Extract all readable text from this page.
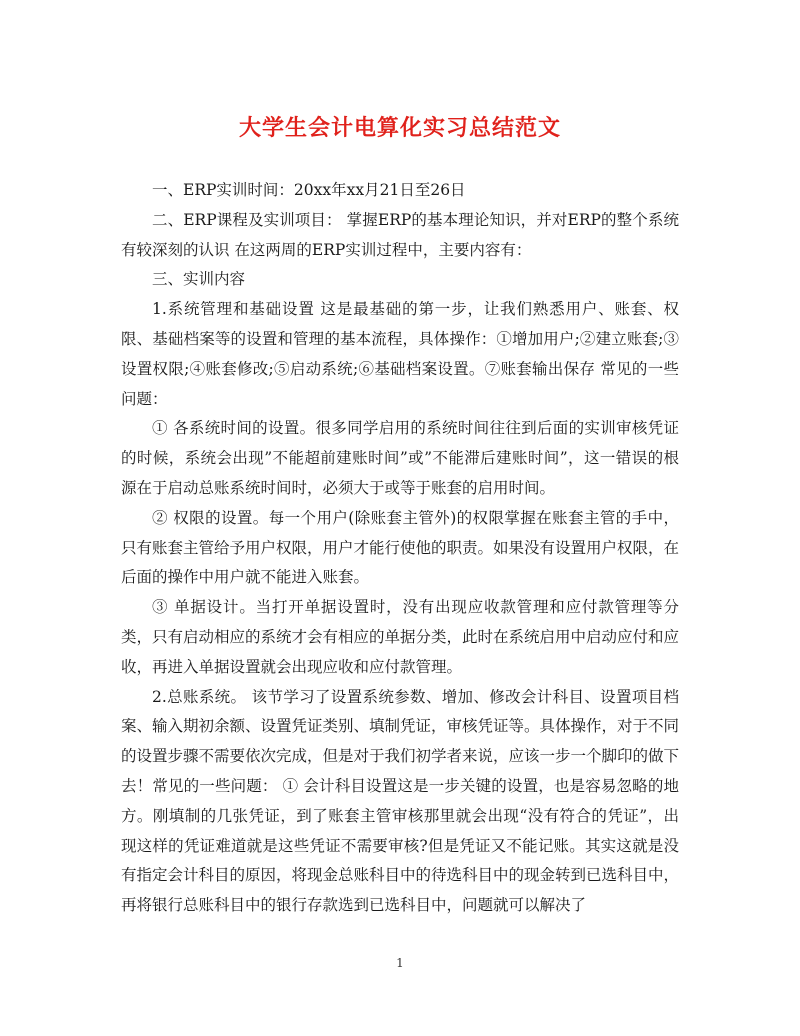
大学生会计电算化实习总结范文

一、ERP实训时间：20xx年xx月21日至26日

二、ERP课程及实训项目： 掌握ERP的基本理论知识，并对ERP的整个系统有较深刻的认识 在这两周的ERP实训过程中，主要内容有：

三、实训内容

1.系统管理和基础设置 这是最基础的第一步，让我们熟悉用户、账套、权限、基础档案等的设置和管理的基本流程，具体操作：①增加用户;②建立账套;③设置权限;④账套修改;⑤启动系统;⑥基础档案设置。⑦账套输出保存 常见的一些问题：

① 各系统时间的设置。很多同学启用的系统时间往往到后面的实训审核凭证的时候，系统会出现”不能超前建账时间”或”不能滞后建账时间”，这一错误的根源在于启动总账系统时间时，必须大于或等于账套的启用时间。

② 权限的设置。每一个用户(除账套主管外)的权限掌握在账套主管的手中，只有账套主管给予用户权限，用户才能行使他的职责。如果没有设置用户权限，在后面的操作中用户就不能进入账套。

③ 单据设计。当打开单据设置时，没有出现应收款管理和应付款管理等分类，只有启动相应的系统才会有相应的单据分类，此时在系统启用中启动应付和应收，再进入单据设置就会出现应收和应付款管理。

2.总账系统。 该节学习了设置系统参数、增加、修改会计科目、设置项目档案、输入期初余额、设置凭证类别、填制凭证，审核凭证等。具体操作，对于不同的设置步骤不需要依次完成，但是对于我们初学者来说，应该一步一个脚印的做下去！常见的一些问题： ① 会计科目设置这是一步关键的设置，也是容易忽略的地方。刚填制的几张凭证，到了账套主管审核那里就会出现“没有符合的凭证”，出现这样的凭证难道就是这些凭证不需要审核?但是凭证又不能记账。其实这就是没有指定会计科目的原因，将现金总账科目中的待选科目中的现金转到已选科目中，再将银行总账科目中的银行存款选到已选科目中，问题就可以解决了

1
